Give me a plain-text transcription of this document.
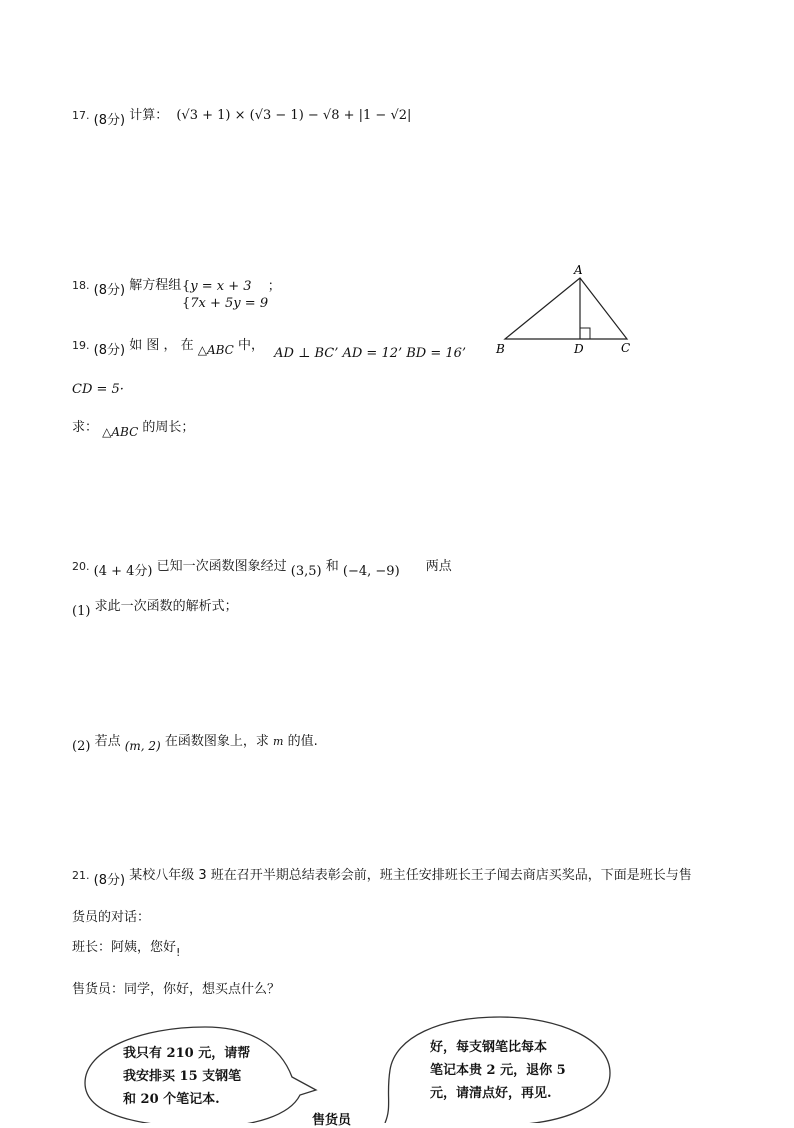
17. (8分) 计算： (√3 + 1) × (√3 − 1) − √8 + |1 − √2|
18. (8分) 解方程组 {y = x + 3 ；
{7x + 5y = 9
19. (8分) 如 图 ， 在 △ABC 中， AD ⊥ BC’ AD = 12’ BD = 16’
CD = 5·
求： △ABC 的周长；
A
B	D	C
20. (4 + 4分) 已知一次函数图象经过 (3,5) 和 (−4, −9) 两点
(1) 求此一次函数的解析式；
(2) 若点 (m, 2) 在函数图象上，求 m 的值.
21. (8分) 某校八年级 3 班在召开半期总结表彰会前，班主任安排班长王子闻去商店买奖品，下面是班长与售
货员的对话：
班长：阿姨，您好$_!$
售货员：同学，你好，想买点什么？
我只有 210 元，请帮
我安排买 15 支钢笔
和 20 个笔记本.
好，每支钢笔比每本
笔记本贵 2 元，退你 5
元，请清点好，再见.
售货员
